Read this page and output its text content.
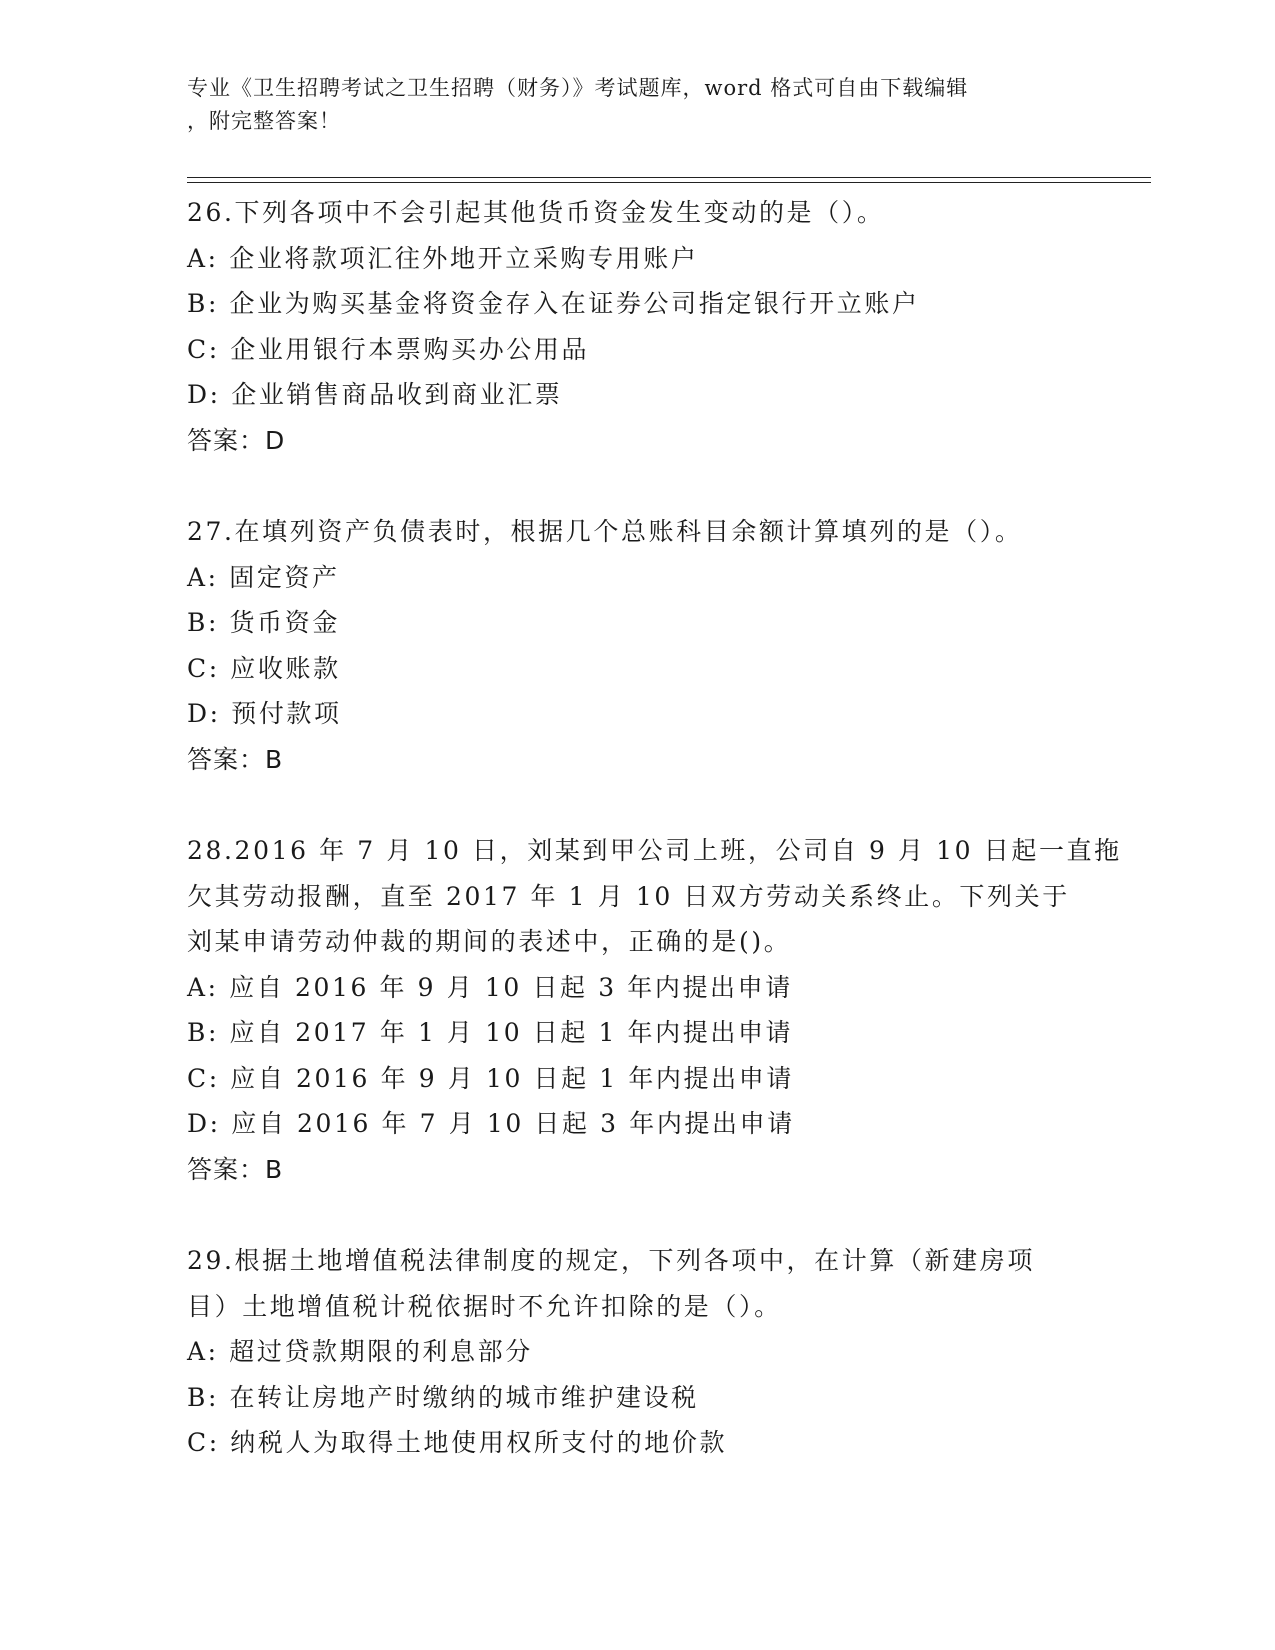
专业《卫生招聘考试之卫生招聘（财务）》考试题库，word 格式可自由下载编辑
，附完整答案！
26.下列各项中不会引起其他货币资金发生变动的是（）。
A: 企业将款项汇往外地开立采购专用账户
B: 企业为购买基金将资金存入在证券公司指定银行开立账户
C: 企业用银行本票购买办公用品
D: 企业销售商品收到商业汇票
答案：D
27.在填列资产负债表时，根据几个总账科目余额计算填列的是（）。
A: 固定资产
B: 货币资金
C: 应收账款
D: 预付款项
答案：B
28.2016 年 7 月 10 日，刘某到甲公司上班，公司自 9 月 10 日起一直拖
欠其劳动报酬，直至 2017 年 1 月 10 日双方劳动关系终止。下列关于
刘某申请劳动仲裁的期间的表述中，正确的是()。
A: 应自 2016 年 9 月 10 日起 3 年内提出申请
B: 应自 2017 年 1 月 10 日起 1 年内提出申请
C: 应自 2016 年 9 月 10 日起 1 年内提出申请
D: 应自 2016 年 7 月 10 日起 3 年内提出申请
答案：B
29.根据土地增值税法律制度的规定，下列各项中，在计算（新建房项
目）土地增值税计税依据时不允许扣除的是（）。
A: 超过贷款期限的利息部分
B: 在转让房地产时缴纳的城市维护建设税
C: 纳税人为取得土地使用权所支付的地价款
